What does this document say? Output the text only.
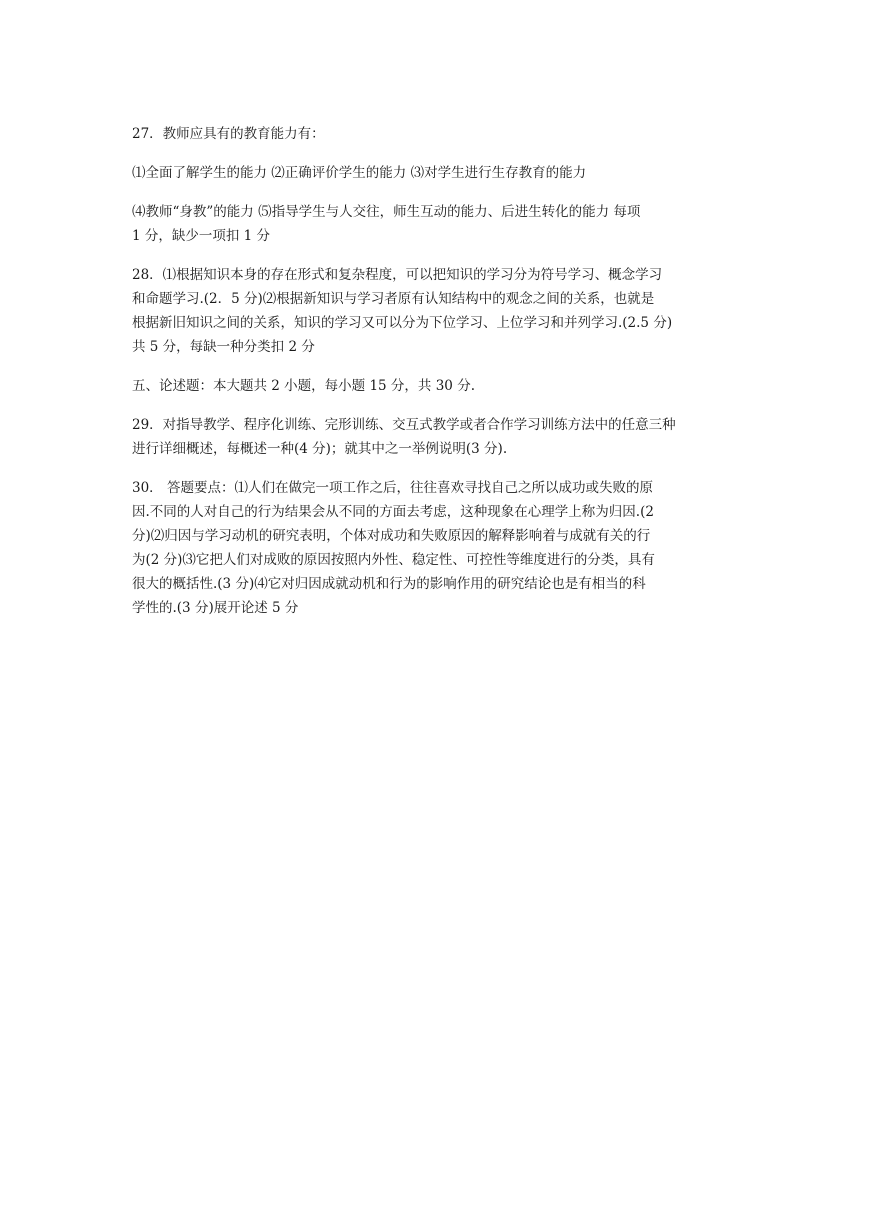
27．教师应具有的教育能力有：

⑴全面了解学生的能力 ⑵正确评价学生的能力 ⑶对学生进行生存教育的能力

⑷教师“身教”的能力 ⑸指导学生与人交往，师生互动的能力、后进生转化的能力 每项
1 分，缺少一项扣 1 分

28．⑴根据知识本身的存在形式和复杂程度，可以把知识的学习分为符号学习、概念学习
和命题学习.(2．5 分)⑵根据新知识与学习者原有认知结构中的观念之间的关系，也就是
根据新旧知识之间的关系，知识的学习又可以分为下位学习、上位学习和并列学习.(2.5 分)
共 5 分，每缺一种分类扣 2 分

五、论述题：本大题共 2 小题，每小题 15 分，共 30 分.

29．对指导教学、程序化训练、完形训练、交互式教学或者合作学习训练方法中的任意三种
进行详细概述，每概述一种(4 分)；就其中之一举例说明(3 分).

30． 答题要点：⑴人们在做完一项工作之后，往往喜欢寻找自己之所以成功或失败的原
因.不同的人对自己的行为结果会从不同的方面去考虑，这种现象在心理学上称为归因.(2
分)⑵归因与学习动机的研究表明，个体对成功和失败原因的解释影响着与成就有关的行
为(2 分)⑶它把人们对成败的原因按照内外性、稳定性、可控性等维度进行的分类，具有
很大的概括性.(3 分)⑷它对归因成就动机和行为的影响作用的研究结论也是有相当的科
学性的.(3 分)展开论述 5 分
